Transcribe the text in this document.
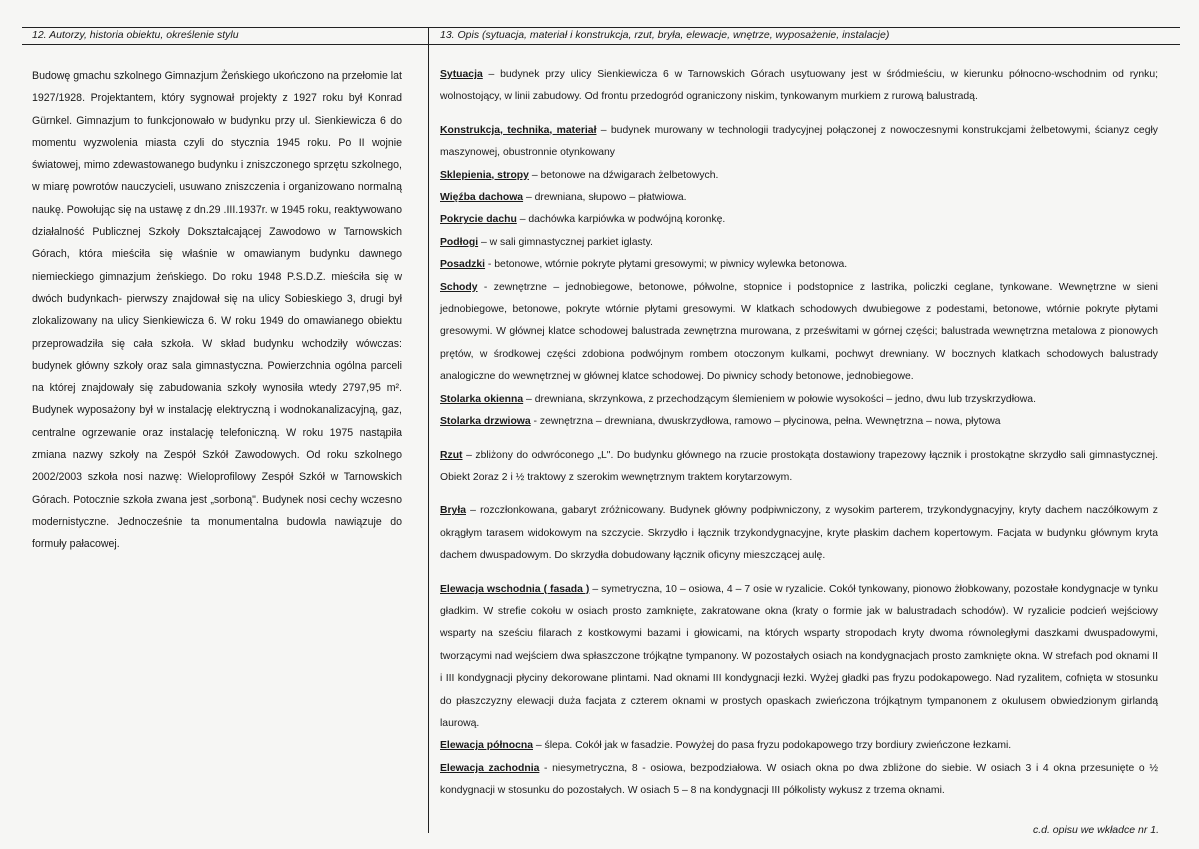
12. Autorzy, historia obiektu, określenie stylu	13. Opis (sytuacja, materiał i konstrukcja, rzut, bryła, elewacje, wnętrze, wyposażenie, instalacje)
Budowę gmachu szkolnego Gimnazjum Żeńskiego ukończono na przełomie lat 1927/1928. Projektantem, który sygnował projekty z 1927 roku był Konrad Gürnkel. Gimnazjum to funkcjonowało w budynku przy ul. Sienkiewicza 6 do momentu wyzwolenia miasta czyli do stycznia 1945 roku. Po II wojnie światowej, mimo zdewastowanego budynku i zniszczonego sprzętu szkolnego, w miarę powrotów nauczycieli, usuwano zniszczenia i organizowano normalną naukę. Powołując się na ustawę z dn.29 .III.1937r. w 1945 roku, reaktywowano działalność Publicznej Szkoły Dokształcającej Zawodowo w Tarnowskich Górach, która mieściła się właśnie w omawianym budynku dawnego niemieckiego gimnazjum żeńskiego. Do roku 1948 P.S.D.Z. mieściła się w dwóch budynkach- pierwszy znajdował się na ulicy Sobieskiego 3, drugi był zlokalizowany na ulicy Sienkiewicza 6. W roku 1949 do omawianego obiektu przeprowadziła się cała szkoła. W skład budynku wchodziły wówczas: budynek główny szkoły oraz sala gimnastyczna. Powierzchnia ogólna parceli na której znajdowały się zabudowania szkoły wynosiła wtedy 2797,95 m². Budynek wyposażony był w instalację elektryczną i wodnokanalizacyjną, gaz, centralne ogrzewanie oraz instalację telefoniczną. W roku 1975 nastąpiła zmiana nazwy szkoły na Zespół Szkół Zawodowych. Od roku szkolnego 2002/2003 szkoła nosi nazwę: Wieloprofilowy Zespół Szkół w Tarnowskich Górach. Potocznie szkoła zwana jest „sorboną". Budynek nosi cechy wczesno modernistyczne. Jednocześnie ta monumentalna budowla nawiązuje do formuły pałacowej.

Sytuacja – budynek przy ulicy Sienkiewicza 6 w Tarnowskich Górach usytuowany jest w śródmieściu, w kierunku północno-wschodnim od rynku; wolnostojący, w linii zabudowy. Od frontu przedogród ograniczony niskim, tynkowanym murkiem z rurową balustradą.

Konstrukcja, technika, materiał – budynek murowany w technologii tradycyjnej połączonej z nowoczesnymi konstrukcjami żelbetowymi, ścianyz cegły maszynowej, obustronnie otynkowany

Sklepienia, stropy – betonowe na dźwigarach żelbetowych.

Więźba dachowa – drewniana, słupowo – płatwiowa.

Pokrycie dachu – dachówka karpiówka w podwójną koronkę.

Podłogi – w sali gimnastycznej parkiet iglasty.

Posadzki - betonowe, wtórnie pokryte płytami gresowymi; w piwnicy wylewka betonowa.

Schody - zewnętrzne – jednobiegowe, betonowe, półwolne, stopnice i podstopnice z lastrika, policzki ceglane, tynkowane. Wewnętrzne w sieni jednobiegowe, betonowe, pokryte wtórnie płytami gresowymi. W klatkach schodowych dwubiegowe z podestami, betonowe, wtórnie pokryte płytami gresowymi. W głównej klatce schodowej balustrada zewnętrzna murowana, z prześwitami w górnej części; balustrada wewnętrzna metalowa z pionowych prętów, w środkowej części zdobiona podwójnym rombem otoczonym kulkami, pochwyt drewniany. W bocznych klatkach schodowych balustrady analogiczne do wewnętrznej w głównej klatce schodowej. Do piwnicy schody betonowe, jednobiegowe.

Stolarka okienna – drewniana, skrzynkowa, z przechodzącym ślemieniem w połowie wysokości – jedno, dwu lub trzyskrzydłowa.

Stolarka drzwiowa - zewnętrzna – drewniana, dwuskrzydłowa, ramowo – płycinowa, pełna. Wewnętrzna – nowa, płytowa

Rzut – zbliżony do odwróconego „L". Do budynku głównego na rzucie prostokąta dostawiony trapezowy łącznik i prostokątne skrzydło sali gimnastycznej. Obiekt 2oraz 2 i ½ traktowy z szerokim wewnętrznym traktem korytarzowym.

Bryła – rozczłonkowana, gabaryt zróżnicowany. Budynek główny podpiwniczony, z wysokim parterem, trzykondygnacyjny, kryty dachem naczółkowym z okrągłym tarasem widokowym na szczycie. Skrzydło i łącznik trzykondygnacyjne, kryte płaskim dachem kopertowym. Facjata w budynku głównym kryta dachem dwuspadowym. Do skrzydła dobudowany łącznik oficyny mieszczącej aulę.

Elewacja wschodnia ( fasada ) – symetryczna, 10 – osiowa, 4 – 7 osie w ryzalicie. Cokół tynkowany, pionowo żłobkowany, pozostałe kondygnacje w tynku gładkim. W strefie cokołu w osiach prosto zamknięte, zakratowane okna (kraty o formie jak w balustradach schodów). W ryzalicie podcień wejściowy wsparty na sześciu filarach z kostkowymi bazami i głowicami, na których wsparty stropodach kryty dwoma równoległymi daszkami dwuspadowymi, tworzącymi nad wejściem dwa spłaszczone trójkątne tympanony. W pozostałych osiach na kondygnacjach prosto zamknięte okna. W strefach pod oknami II i III kondygnacji płyciny dekorowane plintami. Nad oknami III kondygnacji łezki. Wyżej gładki pas fryzu podokapowego. Nad ryzalitem, cofnięta w stosunku do płaszczyzny elewacji duża facjata z czterem oknami w prostych opaskach zwieńczona trójkątnym tympanonem z okulusem obwiedzionym girlandą laurową.

Elewacja północna – ślepa. Cokół jak w fasadzie. Powyżej do pasa fryzu podokapowego trzy bordiury zwieńczone łezkami.

Elewacja zachodnia - niesymetryczna, 8 - osiowa, bezpodziałowa. W osiach okna po dwa zbliżone do siebie. W osiach 3 i 4 okna przesunięte o ½ kondygnacji w stosunku do pozostałych. W osiach 5 – 8 na kondygnacji III półkolisty wykusz z trzema oknami.

c.d. opisu we wkładce nr 1.
